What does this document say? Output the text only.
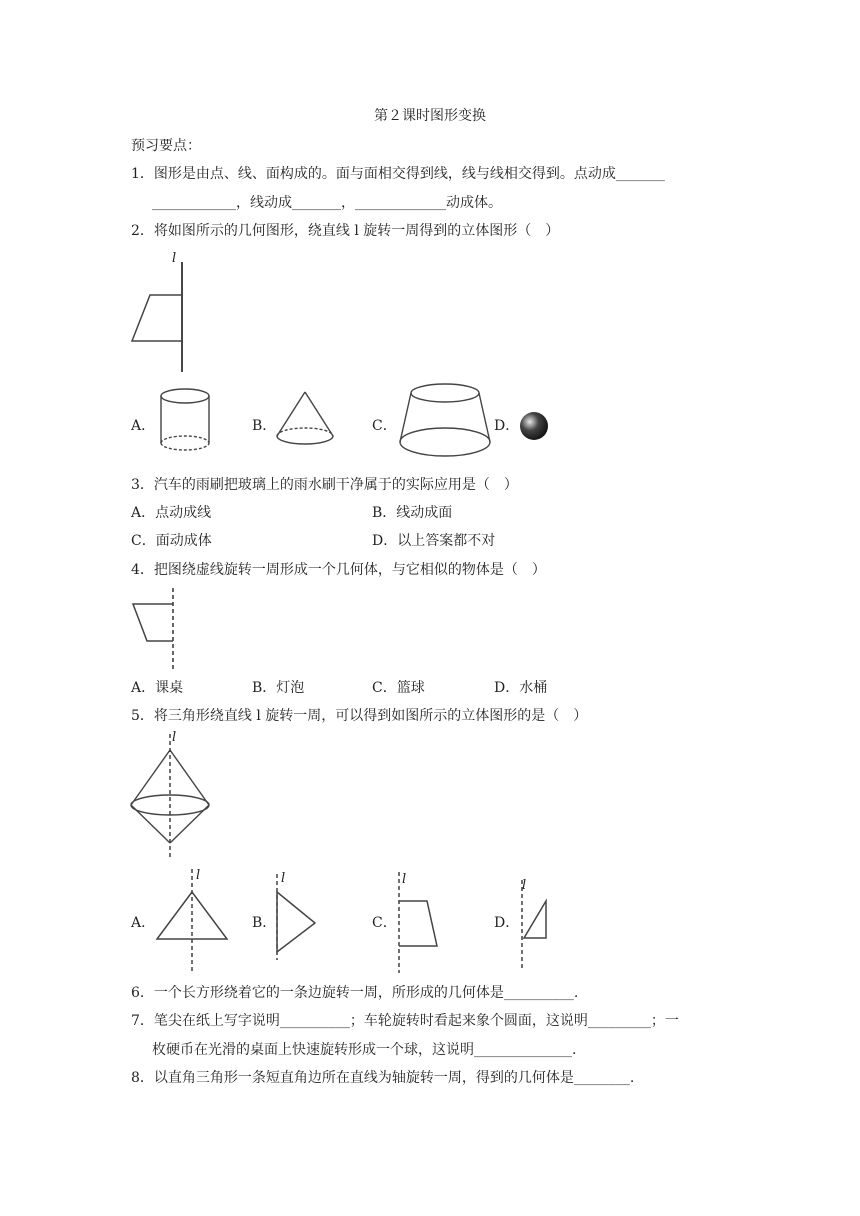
第２课时图形变换
预习要点：
1．图形是由点、线、面构成的。面与面相交得到线，线与线相交得到。点动成_______
____________，线动成_______，_____________动成体。
2．将如图所示的几何图形，绕直线 l 旋转一周得到的立体图形（　）
l
A．	B．	C．	D．
3．汽车的雨刷把玻璃上的雨水刷干净属于的实际应用是（　）
A．点动成线	B．线动成面
C．面动成体	D．以上答案都不对
4．把图绕虚线旋转一周形成一个几何体，与它相似的物体是（　）
A．课桌	B．灯泡	C．篮球	D．水桶
5．将三角形绕直线 l 旋转一周，可以得到如图所示的立体图形的是（　）
l
A．
l
B．
l
C．
l
D．
l
6．一个长方形绕着它的一条边旋转一周，所形成的几何体是__________.
7．笔尖在纸上写字说明__________；车轮旋转时看起来象个圆面，这说明_________；一
枚硬币在光滑的桌面上快速旋转形成一个球，这说明______________.
8．以直角三角形一条短直角边所在直线为轴旋转一周，得到的几何体是________.
